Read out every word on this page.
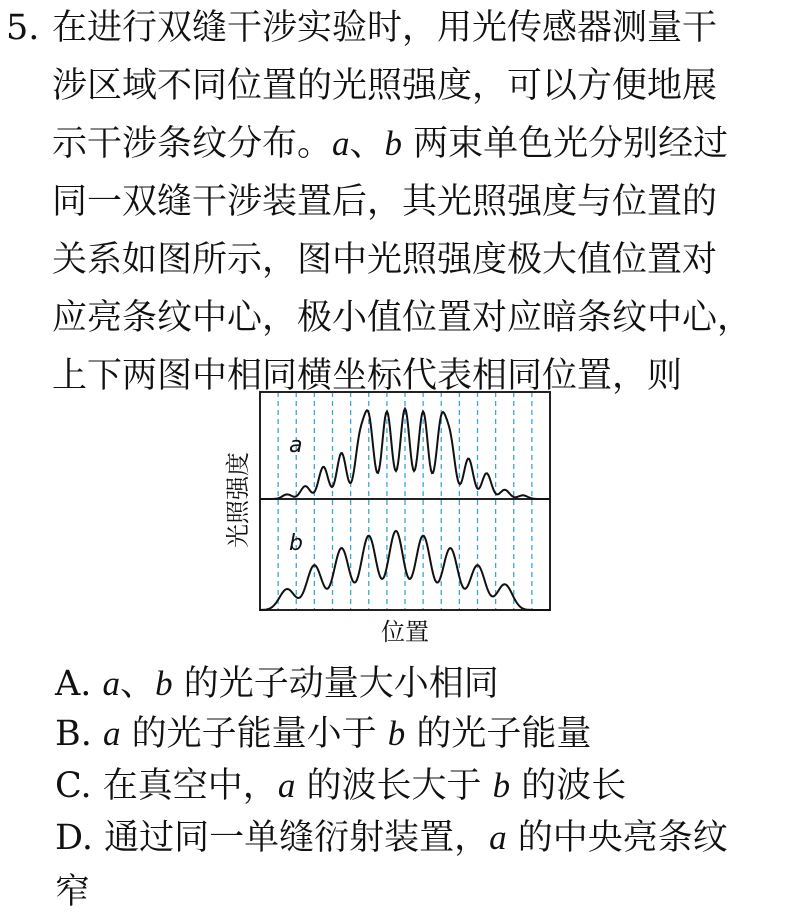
5. 在进行双缝干涉实验时，用光传感器测量干
涉区域不同位置的光照强度，可以方便地展
示干涉条纹分布。a、b 两束单色光分别经过
同一双缝干涉装置后，其光照强度与位置的
关系如图所示，图中光照强度极大值位置对
应亮条纹中心，极小值位置对应暗条纹中心，
上下两图中相同横坐标代表相同位置，则
a
b
位置
光照强度
A. a、b 的光子动量大小相同
B. a 的光子能量小于 b 的光子能量
C. 在真空中，a 的波长大于 b 的波长
D. 通过同一单缝衍射装置，a 的中央亮条纹
窄
